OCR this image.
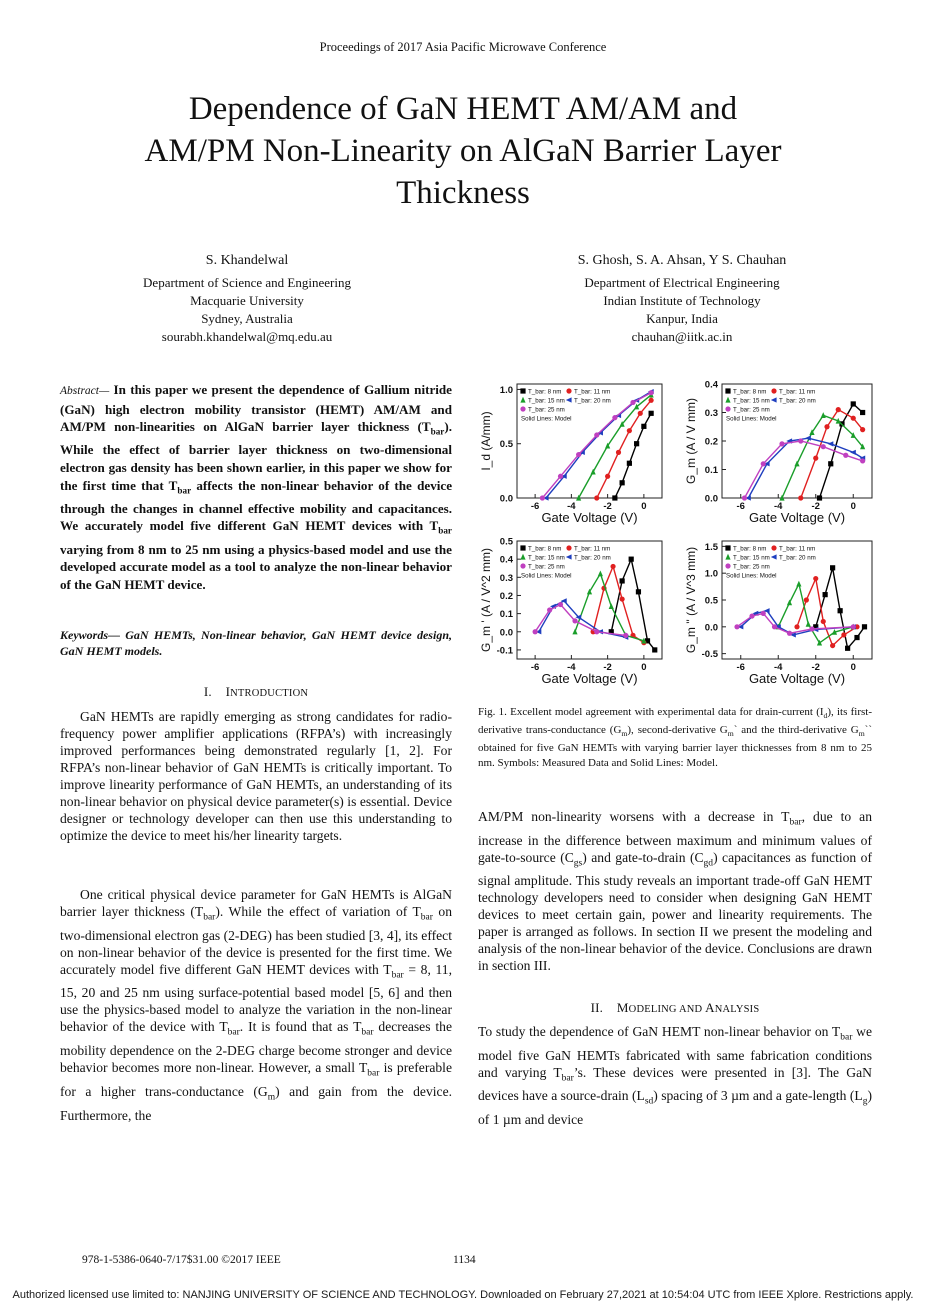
Proceedings of 2017 Asia Pacific Microwave Conference
Dependence of GaN HEMT AM/AM and
AM/PM Non-Linearity on AlGaN Barrier Layer
Thickness
S. Khandelwal
Department of Science and Engineering
Macquarie University
Sydney, Australia
sourabh.khandelwal@mq.edu.au
S. Ghosh, S. A. Ahsan, Y S. Chauhan
Department of Electrical Engineering
Indian Institute of Technology
Kanpur, India
chauhan@iitk.ac.in
Abstract— In this paper we present the dependence of Gallium nitride (GaN) high electron mobility transistor (HEMT) AM/AM and AM/PM non-linearities on AlGaN barrier layer thickness $(T_{bar})$. While the effect of barrier layer thickness on two-dimensional electron gas density has been shown earlier, in this paper we show for the first time that $T_{bar}$ affects the non-linear behavior of the device through the changes in channel effective mobility and capacitances. We accurately model five different GaN HEMT devices with $T_{bar}$ varying from 8 nm to 25 nm using a physics-based model and use the developed accurate model as a tool to analyze the non-linear behavior of the GaN HEMT device.
Keywords— GaN HEMTs, Non-linear behavior, GaN HEMT device design, GaN HEMT models.
I. INTRODUCTION
GaN HEMTs are rapidly emerging as strong candidates for radio-frequency power amplifier applications (RFPA’s) with increasingly improved performances being demonstrated regularly [1, 2]. For RFPA’s non-linear behavior of GaN HEMTs is critically important. To improve linearity performance of GaN HEMTs, an understanding of its non-linear behavior on physical device parameter(s) is essential. Device designer or technology developer can then use this understanding to optimize the device to meet his/her linearity targets.
One critical physical device parameter for GaN HEMTs is AlGaN barrier layer thickness $(T_{bar})$. While the effect of variation of $T_{bar}$ on two-dimensional electron gas (2-DEG) has been studied [3, 4], its effect on non-linear behavior of the device is presented for the first time. We accurately model five different GaN HEMT devices with $T_{bar} = 8$, 11, 15, 20 and 25 nm using surface-potential based model [5, 6] and then use the physics-based model to analyze the variation in the non-linear behavior of the device with $T_{bar}$. It is found that as $T_{bar}$ decreases the mobility dependence on the 2-DEG charge become stronger and device behavior becomes more non-linear. However, a small $T_{bar}$ is preferable for a higher trans-conductance $(G_m)$ and gain from the device. Furthermore, the
0.0
0.5
1.0
-6	-4	-2	0
Gate Voltage (V)
I_d (A/mm)
T_bar: 8 nm T_bar: 11 nm
T_bar: 15 nm T_bar: 20 nm
T_bar: 25 nm
Solid Lines: Model
0.0
0.1
0.2
0.3
0.4
-6	-4	-2	0
Gate Voltage (V)
G_m (A / V mm)
T_bar: 8 nm T_bar: 11 nm
T_bar: 15 nm T_bar: 20 nm
T_bar: 25 nm
Solid Lines: Model
-0.1
0.0
0.1
0.2
0.3
0.4
0.5
-6	-4	-2	0
Gate Voltage (V)
G_m ' (A / V^2 mm)	T_bar: 8 nm T_bar: 11 nm
T_bar: 15 nm T_bar: 20 nm
T_bar: 25 nm
Solid Lines: Model
-0.5
0.0
0.5
1.0
1.5
-6	-4	-2	0
Gate Voltage (V)
G_m '' (A / V^3 mm)	T_bar: 8 nm T_bar: 11 nm
T_bar: 15 nm T_bar: 20 nm
T_bar: 25 nm
Solid Lines: Model
Fig. 1. Excellent model agreement with experimental data for drain-current $(I_d)$, its first-derivative trans-conductance $(G_m)$, second-derivative $G_m`$ and the third-derivative $G_m``$ obtained for five GaN HEMTs with varying barrier layer thicknesses from 8 nm to 25 nm. Symbols: Measured Data and Solid Lines: Model.
AM/PM non-linearity worsens with a decrease in $T_{bar}$, due to an increase in the difference between maximum and minimum values of gate-to-source $(C_{gs})$ and gate-to-drain $(C_{gd})$ capacitances as function of signal amplitude. This study reveals an important trade-off GaN HEMT technology developers need to consider when designing GaN HEMT devices to meet certain gain, power and linearity requirements. The paper is arranged as follows. In section II we present the modeling and analysis of the non-linear behavior of the device. Conclusions are drawn in section III.
II. MODELING AND ANALYSIS
To study the dependence of GaN HEMT non-linear behavior on $T_{bar}$ we model five GaN HEMTs fabricated with same fabrication conditions and varying $T_{bar}’s$. These devices were presented in [3]. The GaN devices have a source-drain $(L_{sd})$ spacing of 3 µm and a gate-length $(L_g)$ of 1 µm and device
978-1-5386-0640-7/17$31.00 ©2017 IEEE	1134
Authorized licensed use limited to: NANJING UNIVERSITY OF SCIENCE AND TECHNOLOGY. Downloaded on February 27,2021 at 10:54:04 UTC from IEEE Xplore. Restrictions apply.
